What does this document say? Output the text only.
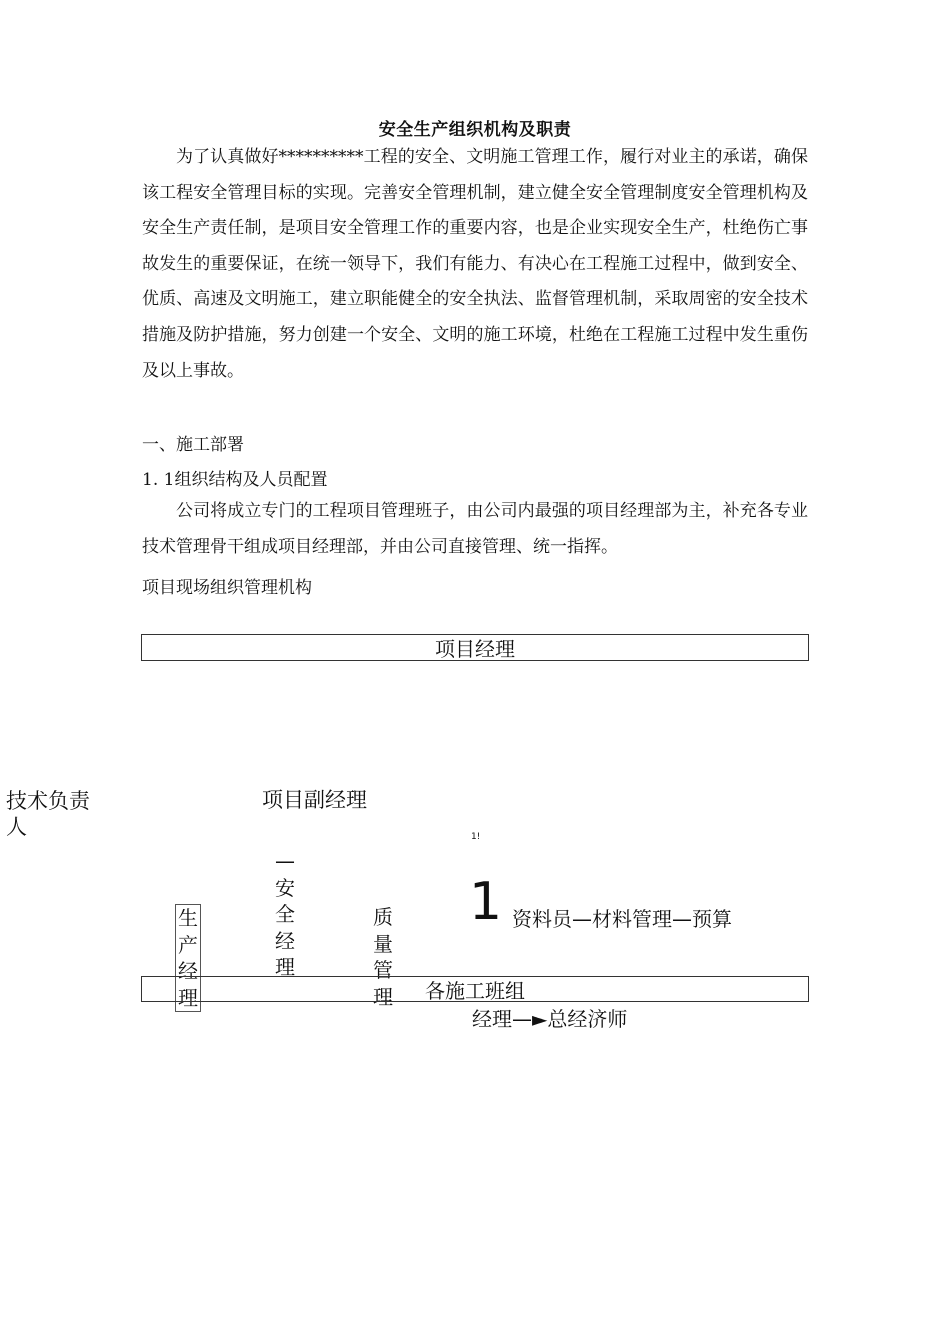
安全生产组织机构及职责

为了认真做好**********工程的安全、文明施工管理工作，履行对业主的承诺，确保该工程安全管理目标的实现。完善安全管理机制，建立健全安全管理制度安全管理机构及安全生产责任制，是项目安全管理工作的重要内容，也是企业实现安全生产，杜绝伤亡事故发生的重要保证，在统一领导下，我们有能力、有决心在工程施工过程中，做到安全、优质、高速及文明施工，建立职能健全的安全执法、监督管理机制，采取周密的安全技术措施及防护措施，努力创建一个安全、文明的施工环境，杜绝在工程施工过程中发生重伤及以上事故。

一、施工部署
1. 1组织结构及人员配置

公司将成立专门的工程项目管理班子，由公司内最强的项目经理部为主，补充各专业技术管理骨干组成项目经理部，并由公司直接管理、统一指挥。

项目现场组织管理机构
项目经理
技术负责人
项目副经理
1!
生产经理
—安全经理
质量管理
1 资料员—材料管理—预算
各施工班组
经理—►总经济师
